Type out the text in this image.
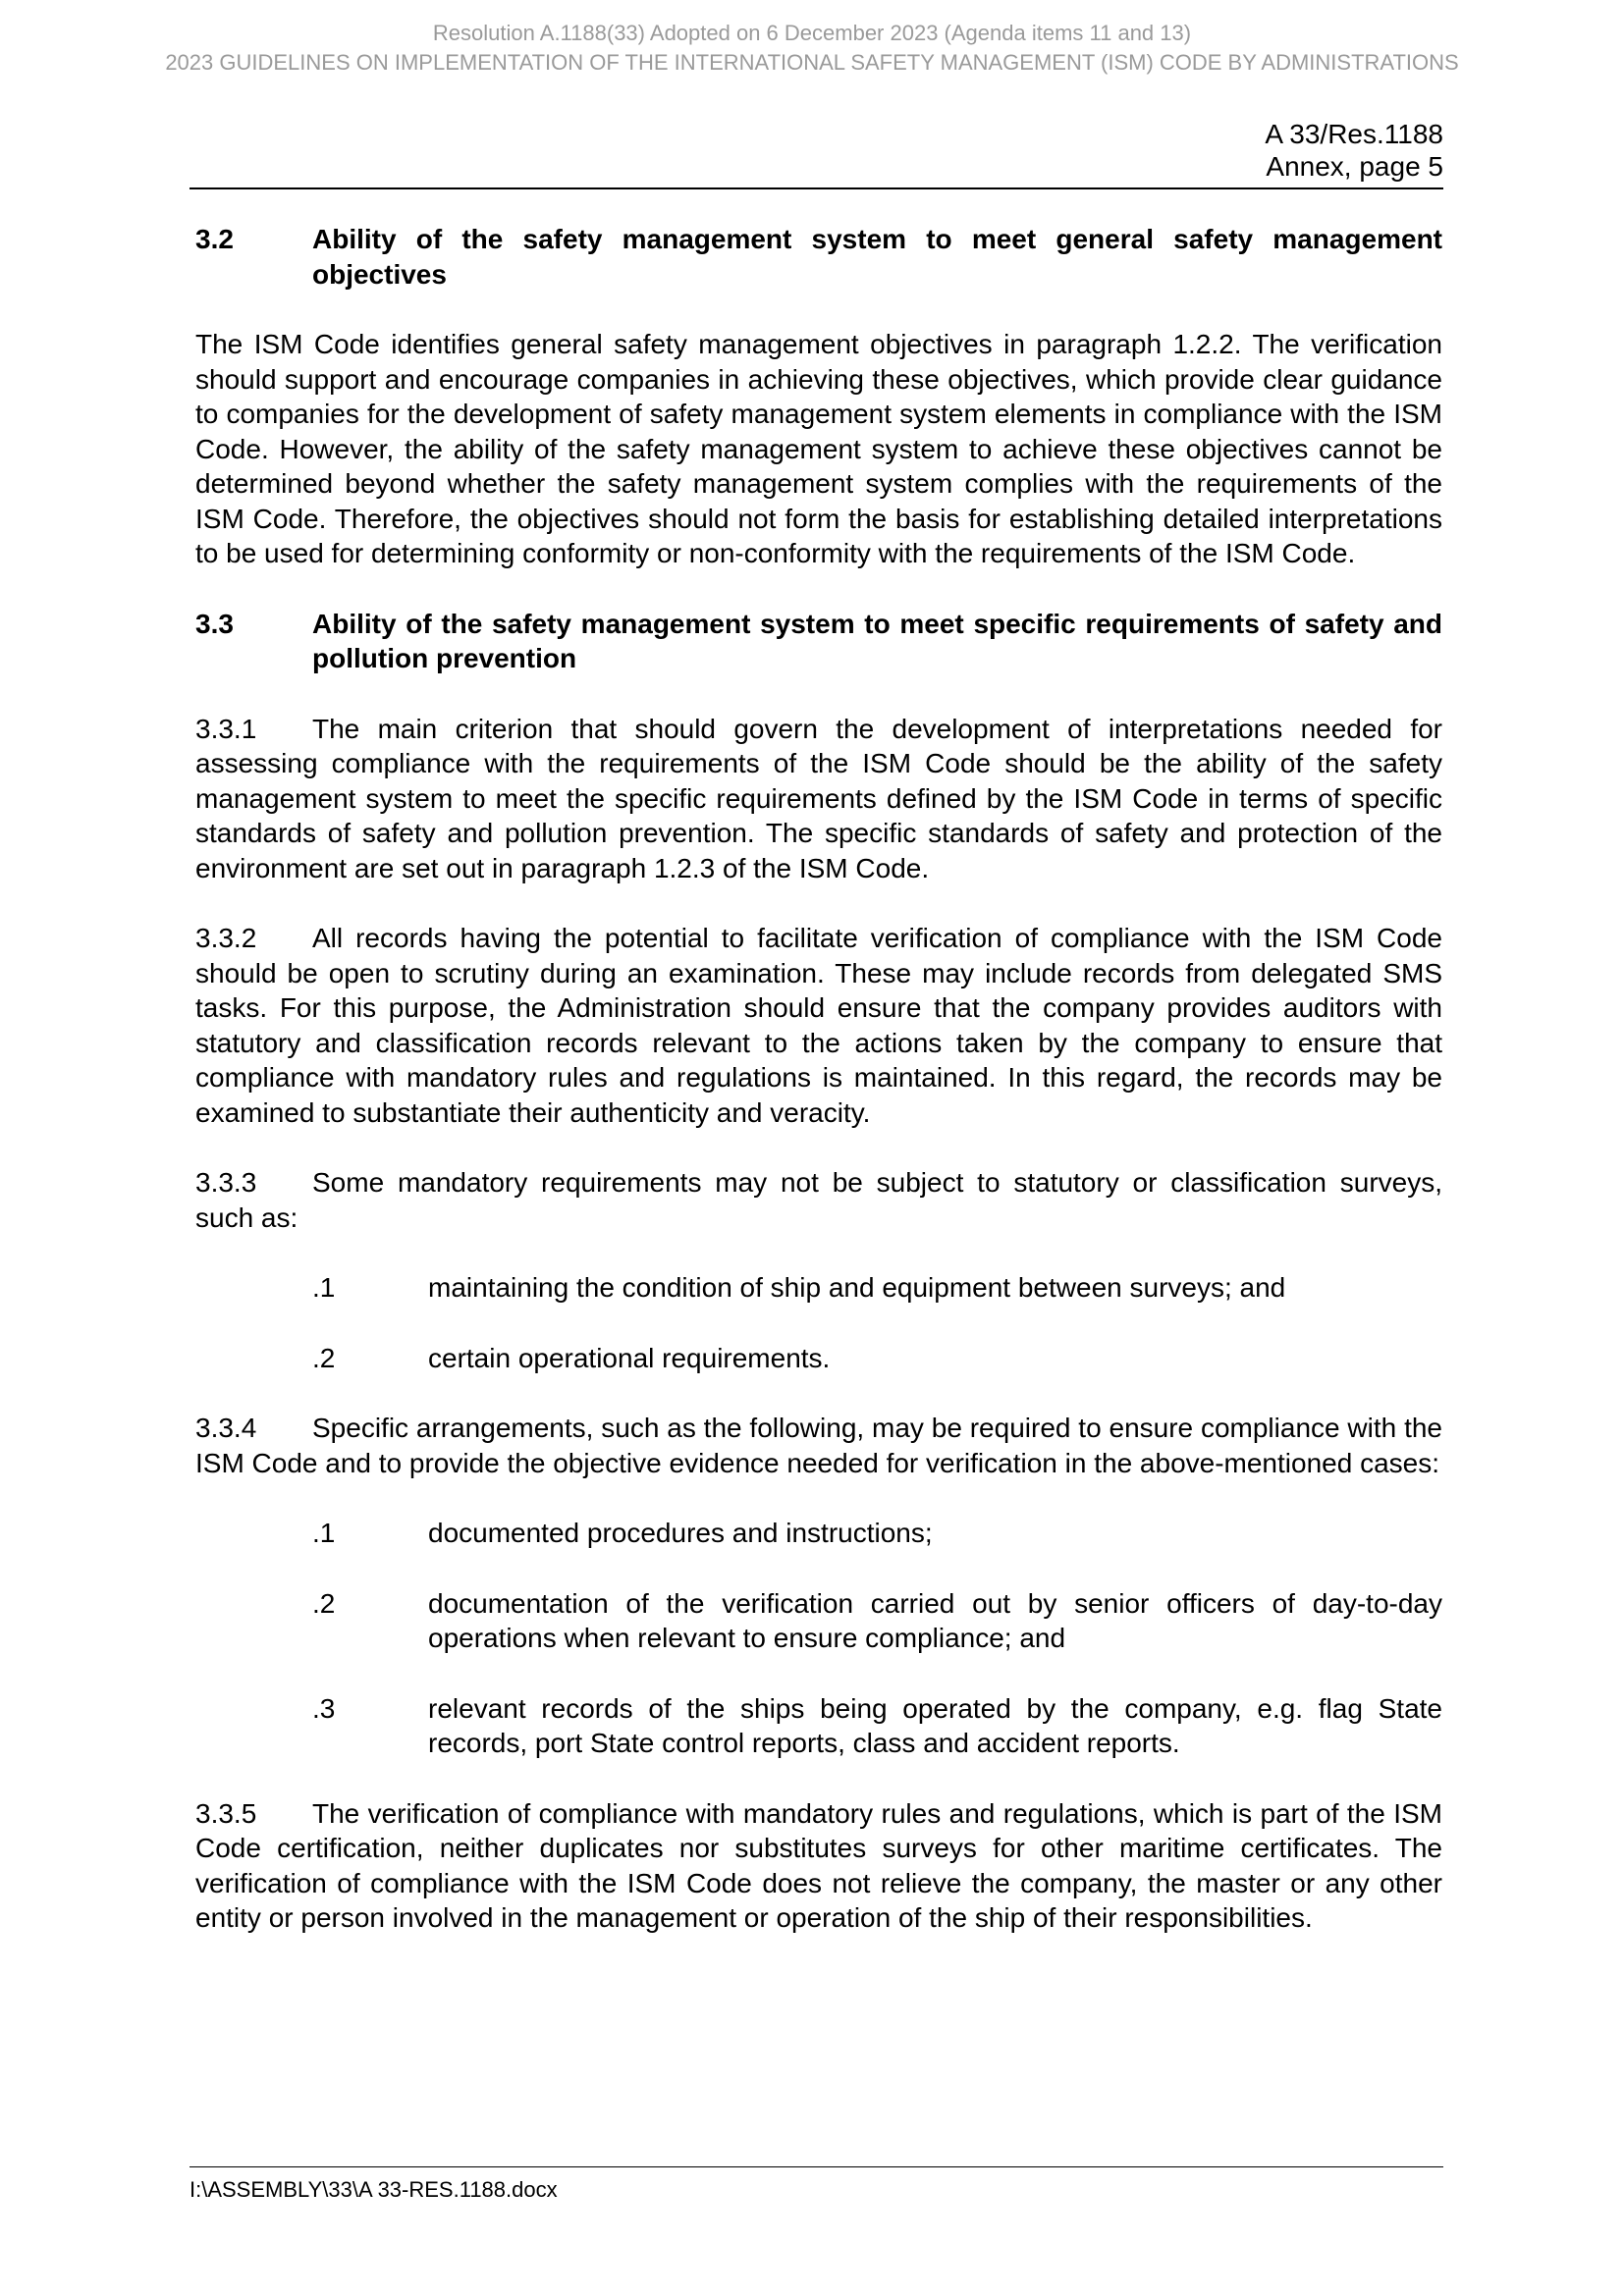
Resolution A.1188(33) Adopted on 6 December 2023 (Agenda items 11 and 13)
2023 GUIDELINES ON IMPLEMENTATION OF THE INTERNATIONAL SAFETY MANAGEMENT (ISM) CODE BY ADMINISTRATIONS
A 33/Res.1188
Annex, page 5
3.2	Ability of the safety management system to meet general safety management objectives

The ISM Code identifies general safety management objectives in paragraph 1.2.2. The verification should support and encourage companies in achieving these objectives, which provide clear guidance to companies for the development of safety management system elements in compliance with the ISM Code. However, the ability of the safety management system to achieve these objectives cannot be determined beyond whether the safety management system complies with the requirements of the ISM Code. Therefore, the objectives should not form the basis for establishing detailed interpretations to be used for determining conformity or non-conformity with the requirements of the ISM Code.

3.3	Ability of the safety management system to meet specific requirements of safety and pollution prevention

3.3.1 The main criterion that should govern the development of interpretations needed for assessing compliance with the requirements of the ISM Code should be the ability of the safety management system to meet the specific requirements defined by the ISM Code in terms of specific standards of safety and pollution prevention. The specific standards of safety and protection of the environment are set out in paragraph 1.2.3 of the ISM Code.

3.3.2 All records having the potential to facilitate verification of compliance with the ISM Code should be open to scrutiny during an examination. These may include records from delegated SMS tasks. For this purpose, the Administration should ensure that the company provides auditors with statutory and classification records relevant to the actions taken by the company to ensure that compliance with mandatory rules and regulations is maintained. In this regard, the records may be examined to substantiate their authenticity and veracity.

3.3.3 Some mandatory requirements may not be subject to statutory or classification surveys, such as:

.1	maintaining the condition of ship and equipment between surveys; and
.2	certain operational requirements.

3.3.4 Specific arrangements, such as the following, may be required to ensure compliance with the ISM Code and to provide the objective evidence needed for verification in the above-mentioned cases:

.1	documented procedures and instructions;
.2	documentation of the verification carried out by senior officers of day-to-day operations when relevant to ensure compliance; and
.3	relevant records of the ships being operated by the company, e.g. flag State records, port State control reports, class and accident reports.

3.3.5 The verification of compliance with mandatory rules and regulations, which is part of the ISM Code certification, neither duplicates nor substitutes surveys for other maritime certificates. The verification of compliance with the ISM Code does not relieve the company, the master or any other entity or person involved in the management or operation of the ship of their responsibilities.

I:\ASSEMBLY\33\A 33-RES.1188.docx
